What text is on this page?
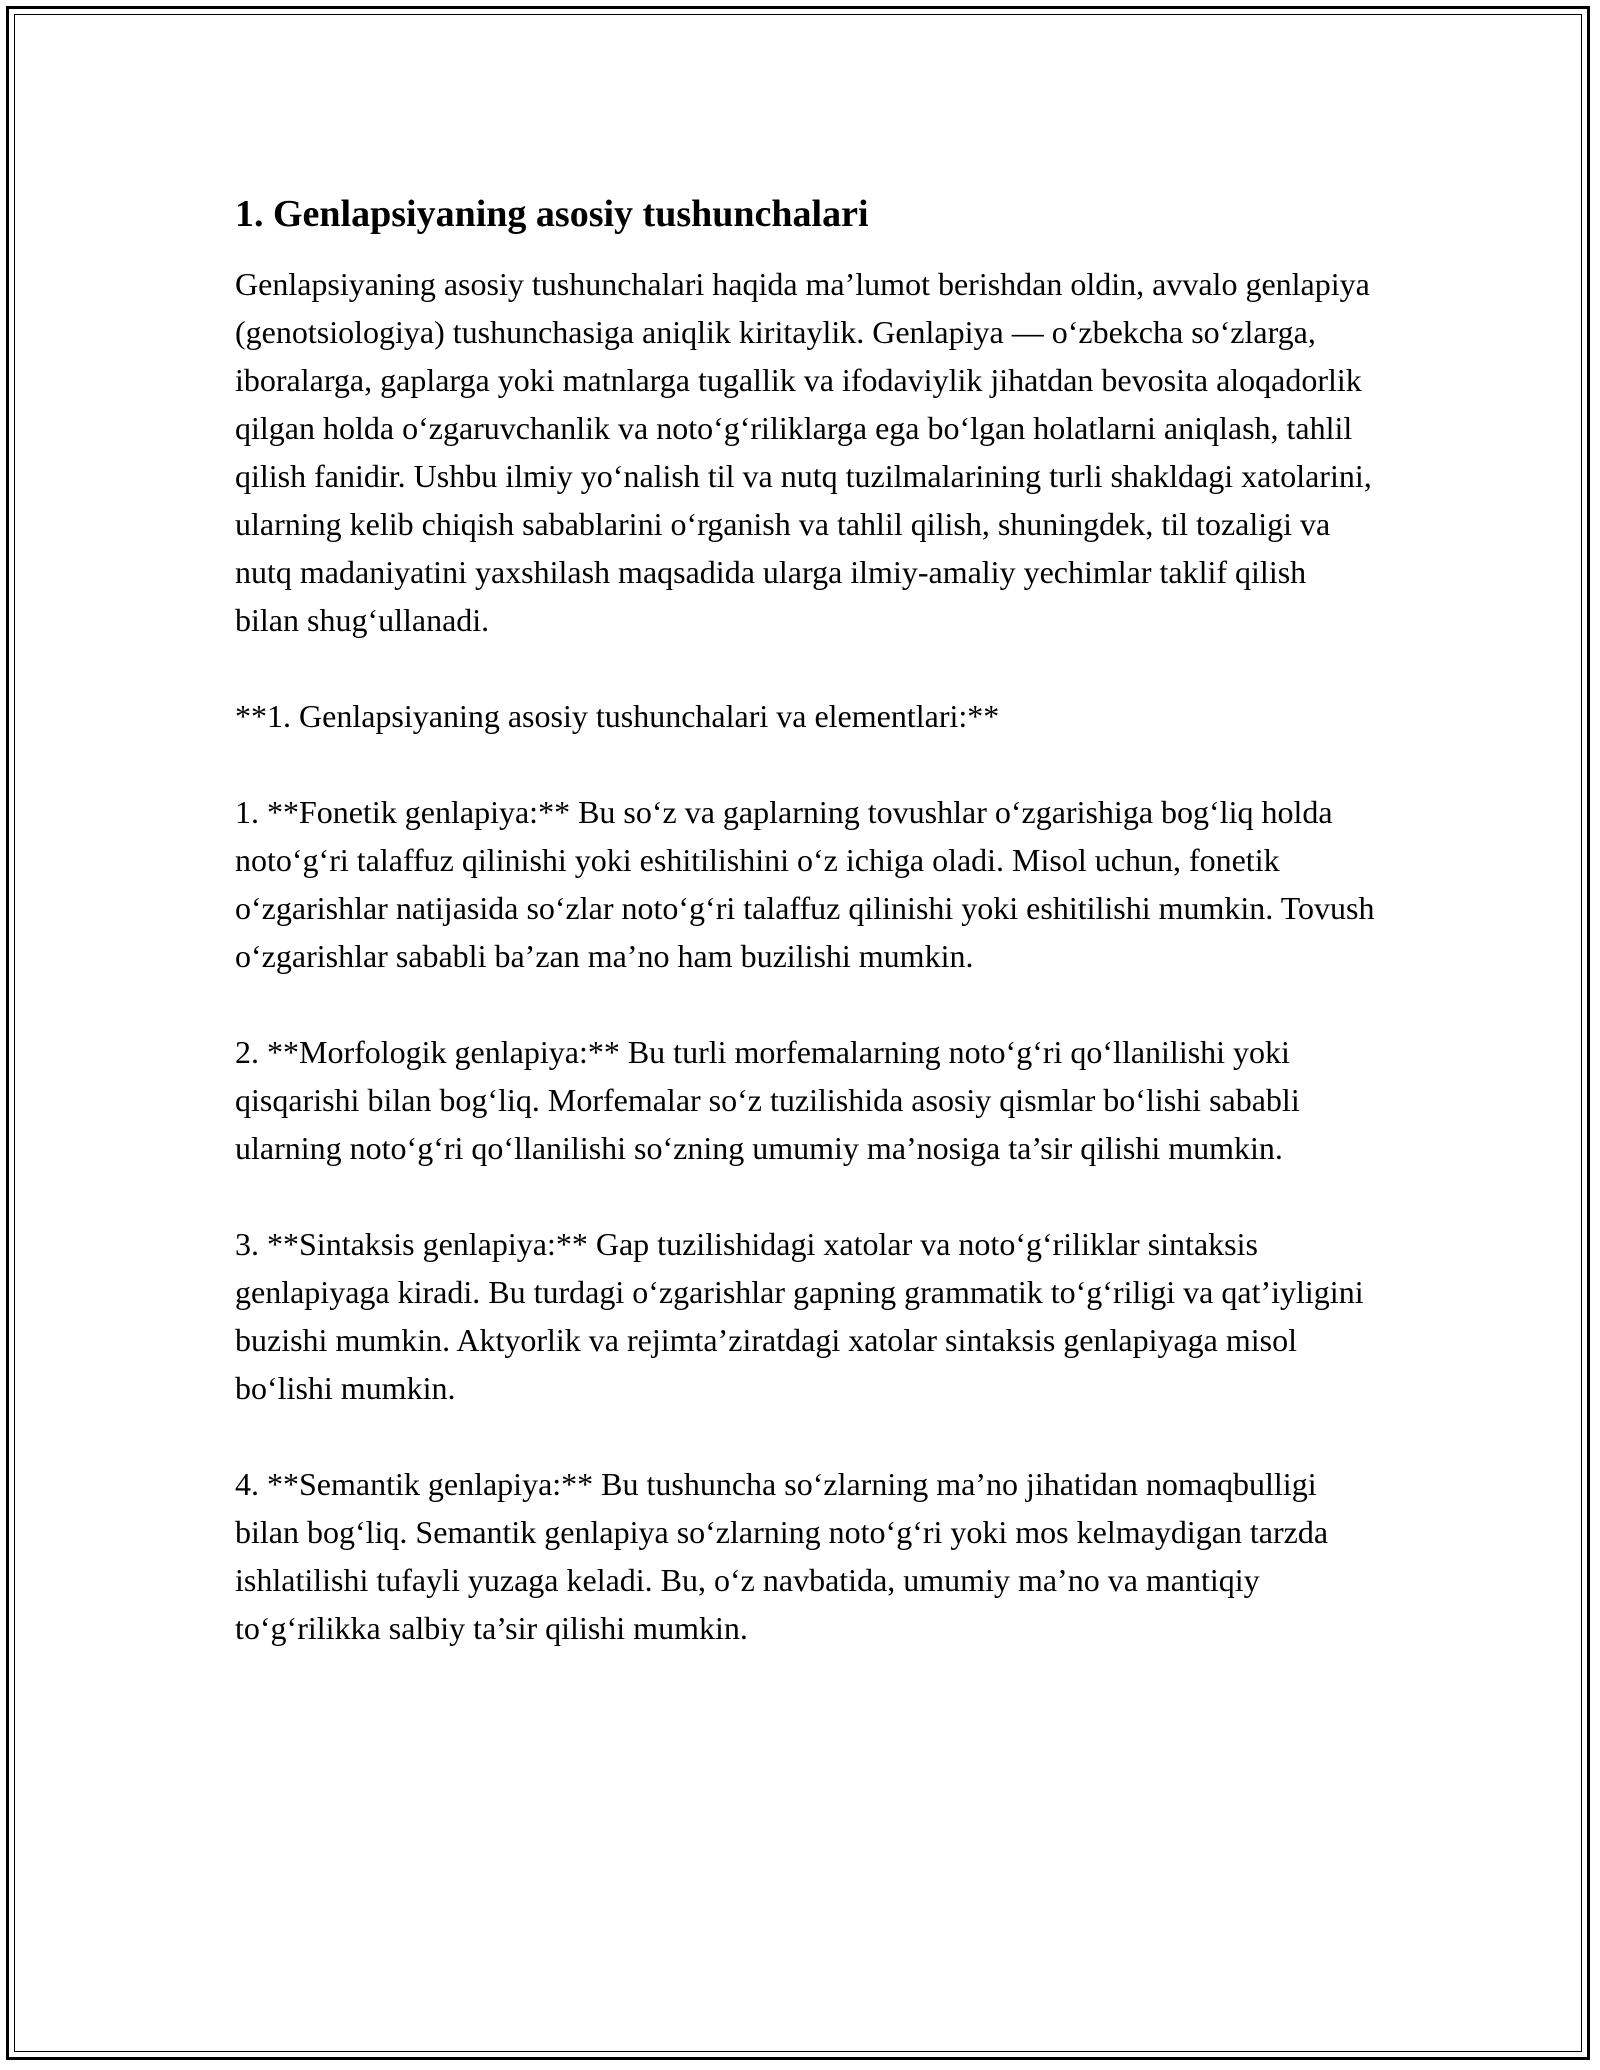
1. Genlapsiyaning asosiy tushunchalari

Genlapsiyaning asosiy tushunchalari haqida ma’lumot berishdan oldin, avvalo genlapiya (genotsiologiya) tushunchasiga aniqlik kiritaylik. Genlapiya — o‘zbekcha so‘zlarga, iboralarga, gaplarga yoki matnlarga tugallik va ifodaviylik jihatdan bevosita aloqadorlik qilgan holda o‘zgaruvchanlik va noto‘g‘riliklarga ega bo‘lgan holatlarni aniqlash, tahlil qilish fanidir. Ushbu ilmiy yo‘nalish til va nutq tuzilmalarining turli shakldagi xatolarini, ularning kelib chiqish sabablarini o‘rganish va tahlil qilish, shuningdek, til tozaligi va nutq madaniyatini yaxshilash maqsadida ularga ilmiy-amaliy yechimlar taklif qilish bilan shug‘ullanadi.

**1. Genlapsiyaning asosiy tushunchalari va elementlari:**

1. **Fonetik genlapiya:** Bu so‘z va gaplarning tovushlar o‘zgarishiga bog‘liq holda noto‘g‘ri talaffuz qilinishi yoki eshitilishini o‘z ichiga oladi. Misol uchun, fonetik o‘zgarishlar natijasida so‘zlar noto‘g‘ri talaffuz qilinishi yoki eshitilishi mumkin. Tovush o‘zgarishlar sababli ba’zan ma’no ham buzilishi mumkin.

2. **Morfologik genlapiya:** Bu turli morfemalarning noto‘g‘ri qo‘llanilishi yoki qisqarishi bilan bog‘liq. Morfemalar so‘z tuzilishida asosiy qismlar bo‘lishi sababli ularning noto‘g‘ri qo‘llanilishi so‘zning umumiy ma’nosiga ta’sir qilishi mumkin.

3. **Sintaksis genlapiya:** Gap tuzilishidagi xatolar va noto‘g‘riliklar sintaksis genlapiyaga kiradi. Bu turdagi o‘zgarishlar gapning grammatik to‘g‘riligi va qat’iyligini buzishi mumkin. Aktyorlik va rejimta’ziratdagi xatolar sintaksis genlapiyaga misol bo‘lishi mumkin.

4. **Semantik genlapiya:** Bu tushuncha so‘zlarning ma’no jihatidan nomaqbulligi bilan bog‘liq. Semantik genlapiya so‘zlarning noto‘g‘ri yoki mos kelmaydigan tarzda ishlatilishi tufayli yuzaga keladi. Bu, o‘z navbatida, umumiy ma’no va mantiqiy to‘g‘rilikka salbiy ta’sir qilishi mumkin.
